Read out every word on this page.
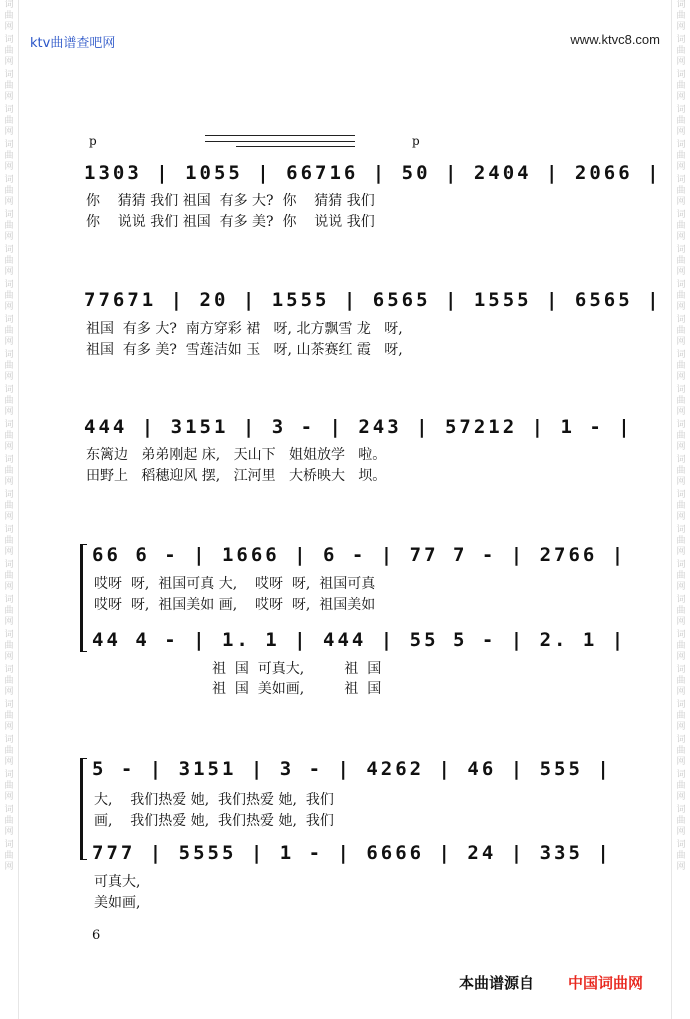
词曲网
词曲网
词曲网
词曲网
词曲网
词曲网
词曲网
词曲网
词曲网
词曲网
词曲网
词曲网
词曲网
词曲网
词曲网
词曲网
词曲网
词曲网
词曲网
词曲网
词曲网
词曲网
词曲网
词曲网
词曲网
词曲网
词曲网
词曲网
词曲网
词曲网
词曲网
词曲网
词曲网
词曲网
词曲网
词曲网
词曲网
词曲网
词曲网
词曲网
词曲网
词曲网
词曲网
词曲网
词曲网
词曲网
词曲网
词曲网
词曲网
词曲网
ktv曲谱查吧网	www.ktvc8.com
p	p
1303 | 1055 | 66716 | 50 | 2404 | 2066 |
你    猜猜 我们 祖国  有多 大?  你    猜猜 我们
你    说说 我们 祖国  有多 美?  你    说说 我们
77671 | 20 | 1555 | 6565 | 1555 | 6565 |
祖国  有多 大?  南方穿彩 裙   呀, 北方飘雪 龙   呀,
祖国  有多 美?  雪莲洁如 玉   呀, 山茶赛红 霞   呀,
444 | 3151 | 3 - | 243 | 57212 | 1 - |
东篱边   弟弟刚起 床,   天山下   姐姐放学   啦。
田野上   稻穗迎风 摆,   江河里   大桥映大   坝。
66 6 - | 1666 | 6 - | 77 7 - | 2766 |
哎呀  呀,  祖国可真 大,    哎呀  呀,  祖国可真
哎呀  呀,  祖国美如 画,    哎呀  呀,  祖国美如
44 4 - | 1. 1 | 444 | 55 5 - | 2. 1 |
祖  国  可真大,         祖  国
祖  国  美如画,         祖  国
5 - | 3151 | 3 - | 4262 | 46 | 555 |
大,    我们热爱 她,  我们热爱 她,  我们
画,    我们热爱 她,  我们热爱 她,  我们
777 | 5555 | 1 - | 6666 | 24 | 335 |
可真大,
美如画,
6
本曲谱源自 中国词曲网
